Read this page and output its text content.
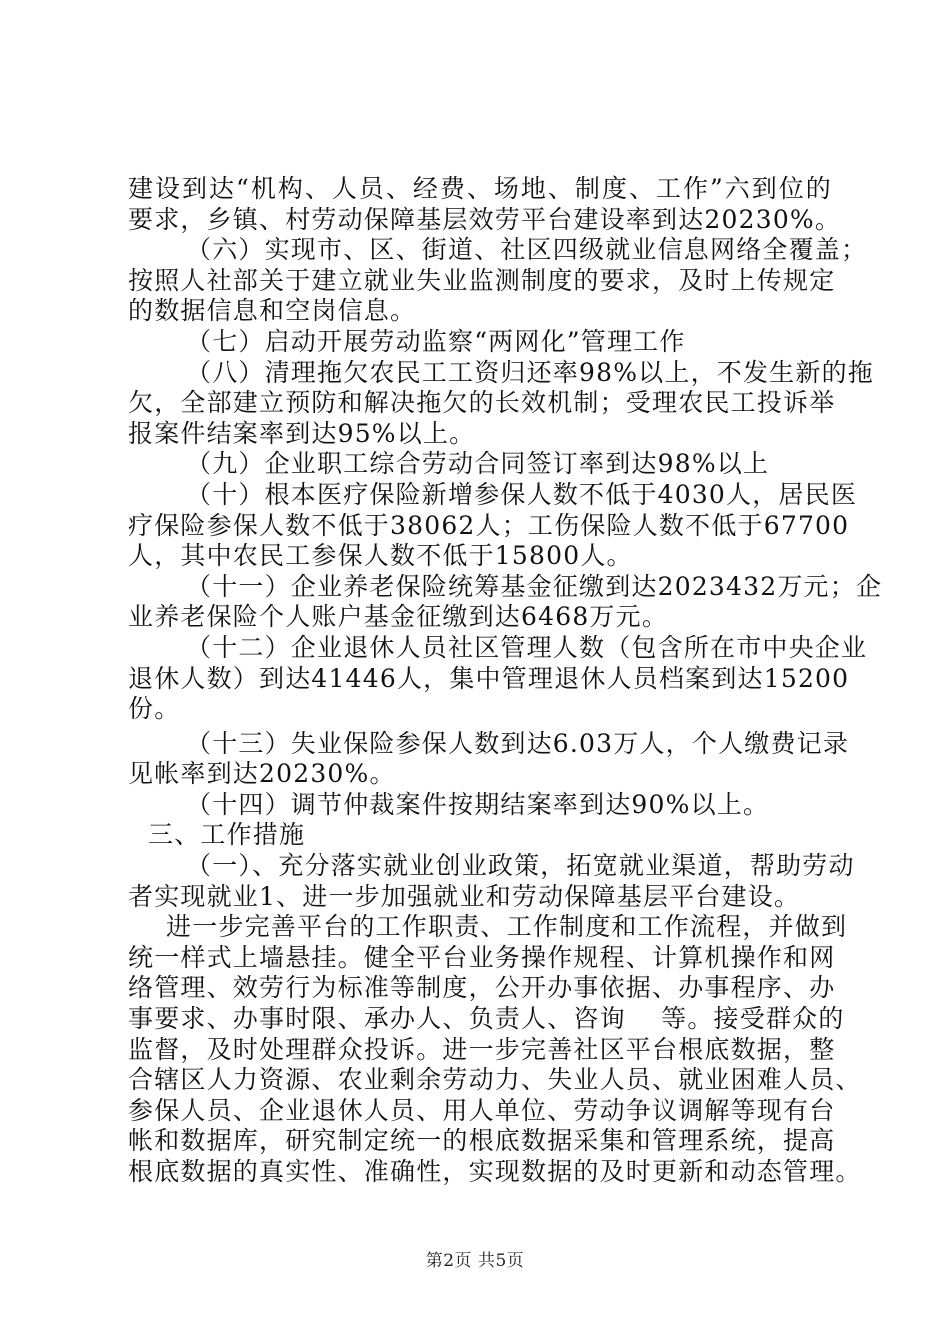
建设到达“机构、人员、经费、场地、制度、工作”六到位的
要求，乡镇、村劳动保障基层效劳平台建设率到达20230%。
（六）实现市、区、街道、社区四级就业信息网络全覆盖；
按照人社部关于建立就业失业监测制度的要求，及时上传规定
的数据信息和空岗信息。
（七）启动开展劳动监察“两网化”管理工作
（八）清理拖欠农民工工资归还率98%以上，不发生新的拖
欠，全部建立预防和解决拖欠的长效机制；受理农民工投诉举
报案件结案率到达95%以上。
（九）企业职工综合劳动合同签订率到达98%以上
（十）根本医疗保险新增参保人数不低于4030人，居民医
疗保险参保人数不低于38062人；工伤保险人数不低于67700
人，其中农民工参保人数不低于15800人。
（十一）企业养老保险统筹基金征缴到达2023432万元；企
业养老保险个人账户基金征缴到达6468万元。
（十二）企业退休人员社区管理人数（包含所在市中央企业
退休人数）到达41446人，集中管理退休人员档案到达15200
份。
（十三）失业保险参保人数到达6.03万人，个人缴费记录
见帐率到达20230%。
（十四）调节仲裁案件按期结案率到达90%以上。
三、工作措施
（一）、充分落实就业创业政策，拓宽就业渠道，帮助劳动
者实现就业1、进一步加强就业和劳动保障基层平台建设。
进一步完善平台的工作职责、工作制度和工作流程，并做到
统一样式上墙悬挂。健全平台业务操作规程、计算机操作和网
络管理、效劳行为标准等制度，公开办事依据、办事程序、办
事要求、办事时限、承办人、负责人、咨询　 等。接受群众的
监督，及时处理群众投诉。进一步完善社区平台根底数据，整
合辖区人力资源、农业剩余劳动力、失业人员、就业困难人员、
参保人员、企业退休人员、用人单位、劳动争议调解等现有台
帐和数据库，研究制定统一的根底数据采集和管理系统，提高
根底数据的真实性、准确性，实现数据的及时更新和动态管理。
第2页 共5页
